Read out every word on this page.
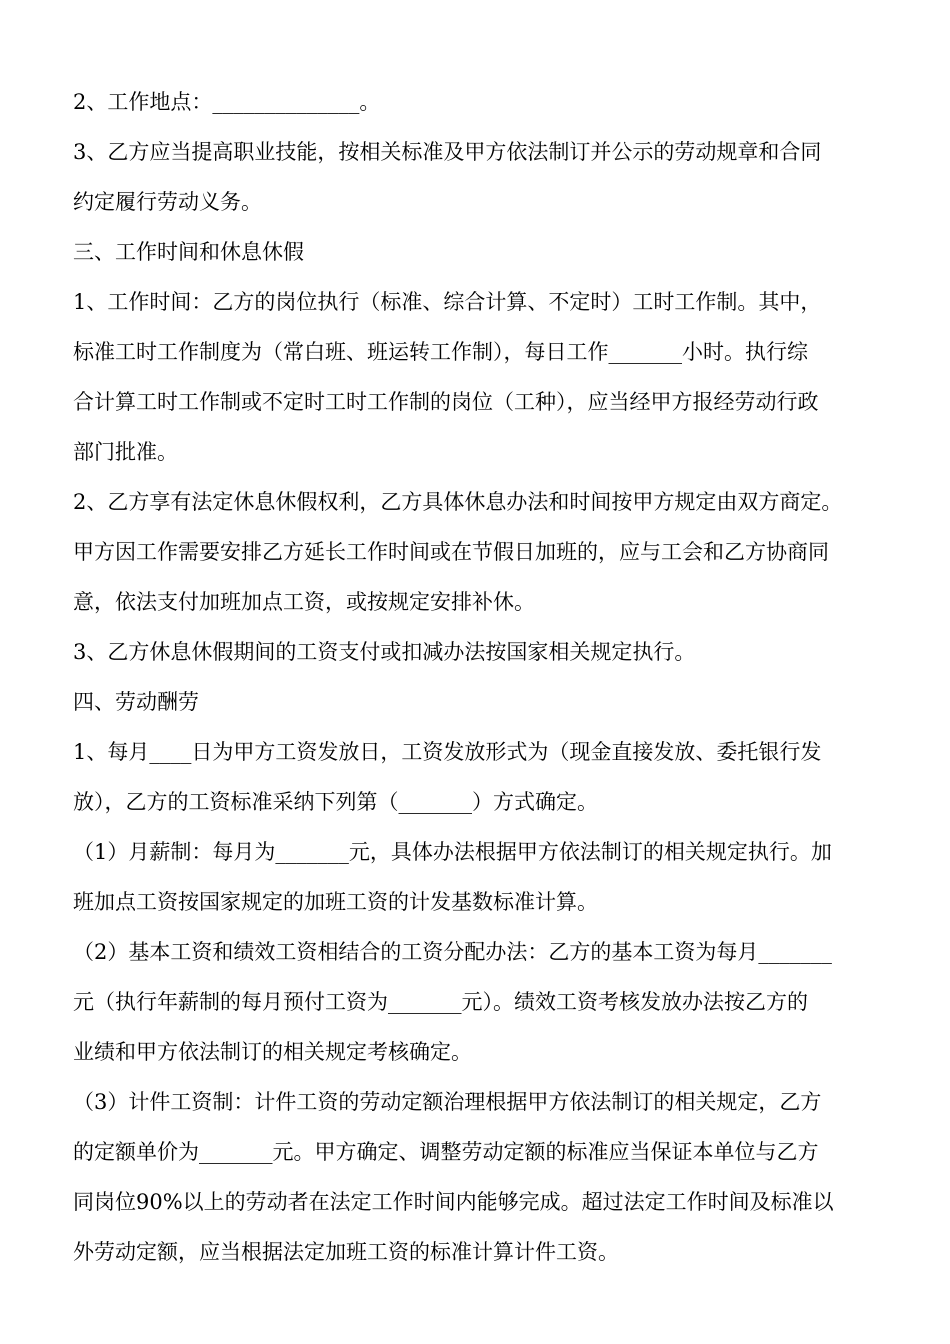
2、工作地点：______________。
3、乙方应当提高职业技能，按相关标准及甲方依法制订并公示的劳动规章和合同
约定履行劳动义务。
三、工作时间和休息休假
1、工作时间：乙方的岗位执行（标准、综合计算、不定时）工时工作制。其中，
标准工时工作制度为（常白班、班运转工作制），每日工作_______小时。执行综
合计算工时工作制或不定时工时工作制的岗位（工种），应当经甲方报经劳动行政
部门批准。
2、乙方享有法定休息休假权利，乙方具体休息办法和时间按甲方规定由双方商定。
甲方因工作需要安排乙方延长工作时间或在节假日加班的，应与工会和乙方协商同
意，依法支付加班加点工资，或按规定安排补休。
3、乙方休息休假期间的工资支付或扣减办法按国家相关规定执行。
四、劳动酬劳
1、每月____日为甲方工资发放日，工资发放形式为（现金直接发放、委托银行发
放），乙方的工资标准采纳下列第（_______）方式确定。
（1）月薪制：每月为_______元，具体办法根据甲方依法制订的相关规定执行。加
班加点工资按国家规定的加班工资的计发基数标准计算。
（2）基本工资和绩效工资相结合的工资分配办法：乙方的基本工资为每月_______
元（执行年薪制的每月预付工资为_______元）。绩效工资考核发放办法按乙方的
业绩和甲方依法制订的相关规定考核确定。
（3）计件工资制：计件工资的劳动定额治理根据甲方依法制订的相关规定，乙方
的定额单价为_______元。甲方确定、调整劳动定额的标准应当保证本单位与乙方
同岗位90%以上的劳动者在法定工作时间内能够完成。超过法定工作时间及标准以
外劳动定额，应当根据法定加班工资的标准计算计件工资。
